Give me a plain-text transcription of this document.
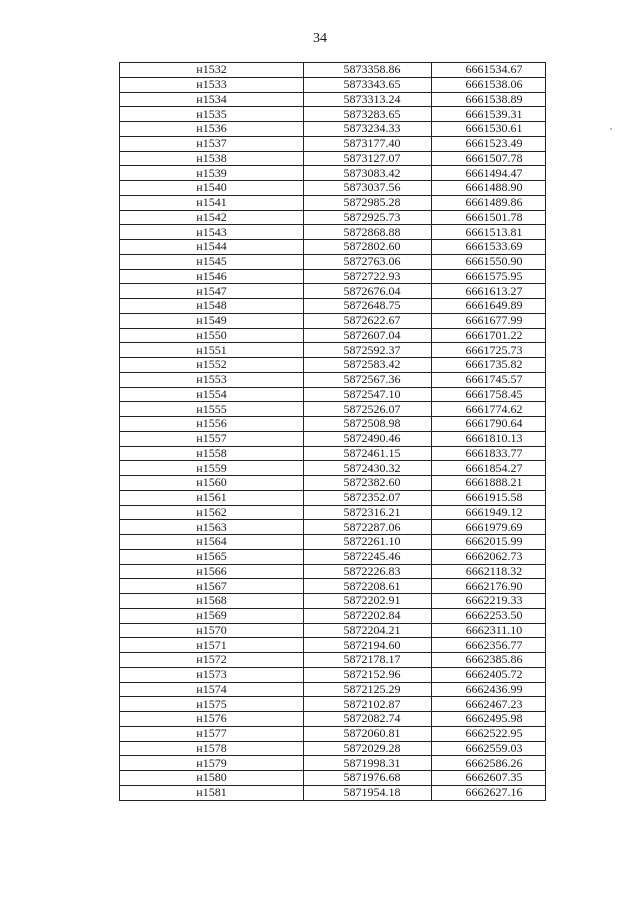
34
н1532	5873358.86	6661534.67
н1533	5873343.65	6661538.06
н1534	5873313.24	6661538.89
н1535	5873283.65	6661539.31
н1536	5873234.33	6661530.61
н1537	5873177.40	6661523.49
н1538	5873127.07	6661507.78
н1539	5873083.42	6661494.47
н1540	5873037.56	6661488.90
н1541	5872985.28	6661489.86
н1542	5872925.73	6661501.78
н1543	5872868.88	6661513.81
н1544	5872802.60	6661533.69
н1545	5872763.06	6661550.90
н1546	5872722.93	6661575.95
н1547	5872676.04	6661613.27
н1548	5872648.75	6661649.89
н1549	5872622.67	6661677.99
н1550	5872607.04	6661701.22
н1551	5872592.37	6661725.73
н1552	5872583.42	6661735.82
н1553	5872567.36	6661745.57
н1554	5872547.10	6661758.45
н1555	5872526.07	6661774.62
н1556	5872508.98	6661790.64
н1557	5872490.46	6661810.13
н1558	5872461.15	6661833.77
н1559	5872430.32	6661854.27
н1560	5872382.60	6661888.21
н1561	5872352.07	6661915.58
н1562	5872316.21	6661949.12
н1563	5872287.06	6661979.69
н1564	5872261.10	6662015.99
н1565	5872245.46	6662062.73
н1566	5872226.83	6662118.32
н1567	5872208.61	6662176.90
н1568	5872202.91	6662219.33
н1569	5872202.84	6662253.50
н1570	5872204.21	6662311.10
н1571	5872194.60	6662356.77
н1572	5872178.17	6662385.86
н1573	5872152.96	6662405.72
н1574	5872125.29	6662436.99
н1575	5872102.87	6662467.23
н1576	5872082.74	6662495.98
н1577	5872060.81	6662522.95
н1578	5872029.28	6662559.03
н1579	5871998.31	6662586.26
н1580	5871976.68	6662607.35
н1581	5871954.18	6662627.16
